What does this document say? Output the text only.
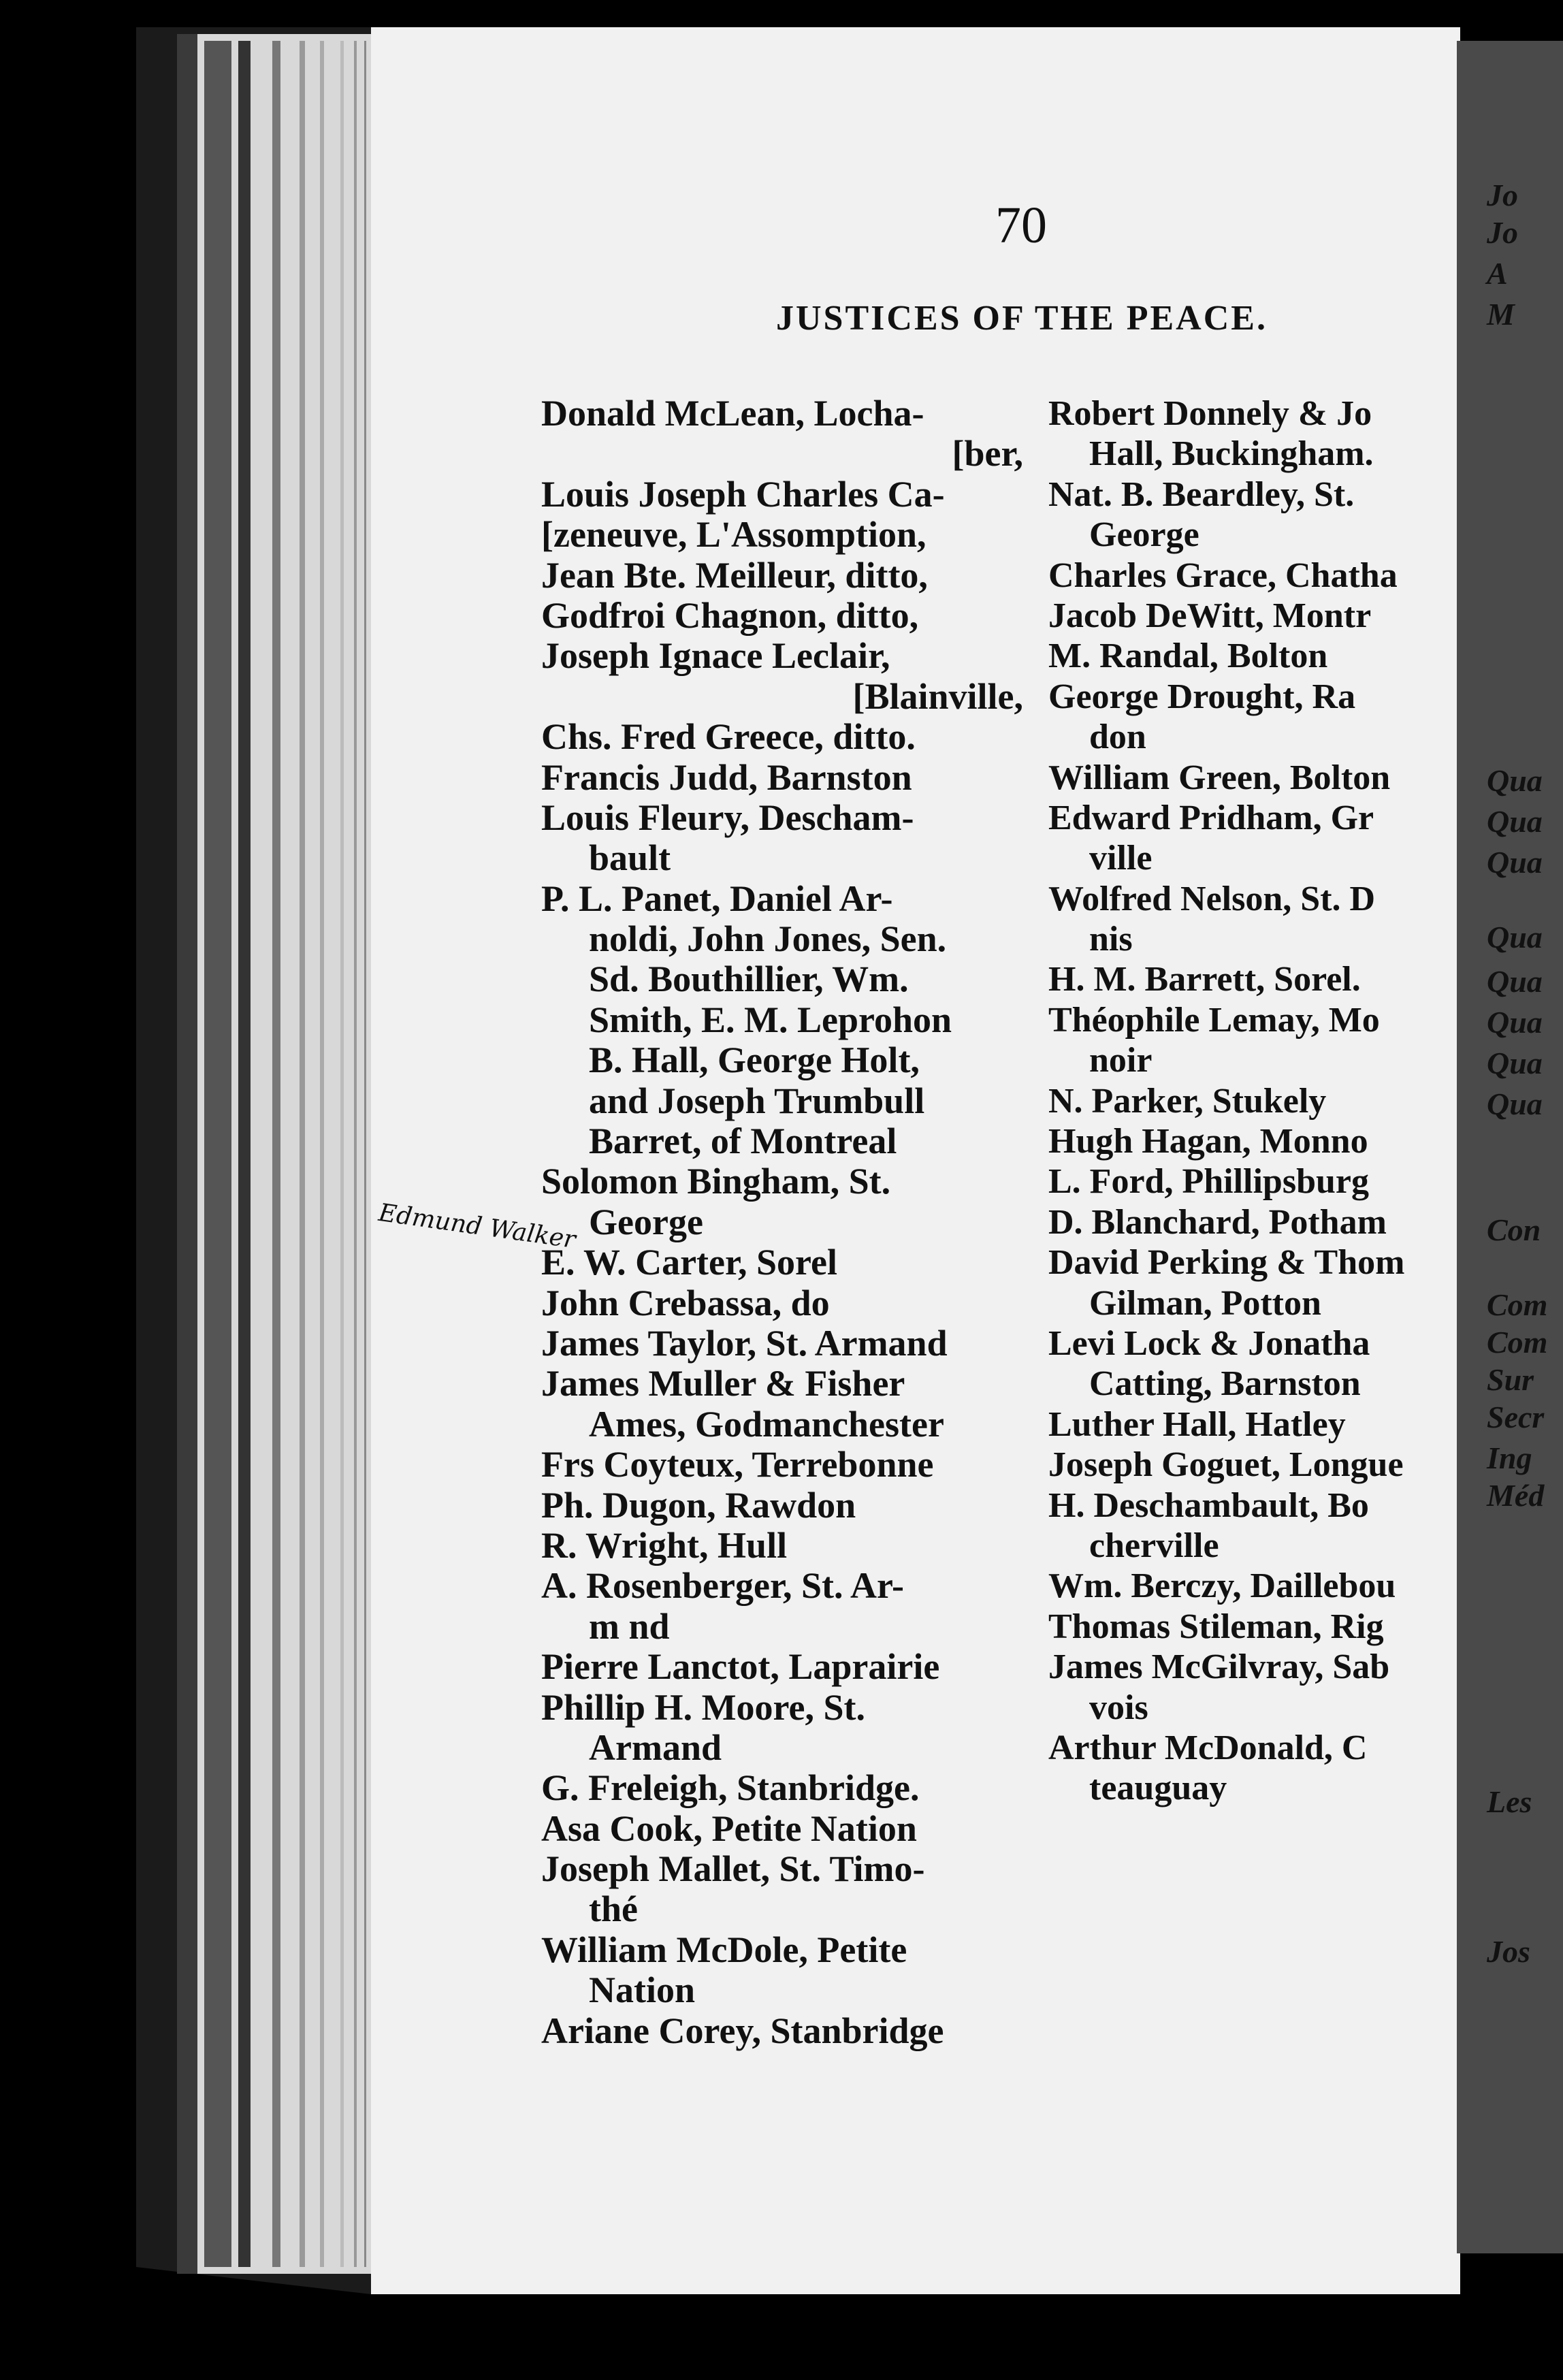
Jo
Jo
A
M
Qua
Qua
Qua
Qua
Qua
Qua
Qua
Qua
Con
Com
Com
Sur
Secr
Ing
Méd
Les
Jos
70
JUSTICES OF THE PEACE.
Edmund Walker
Donald McLean, Locha-
[ber,
Louis Joseph Charles Ca-
[zeneuve, L'Assomption,
Jean Bte. Meilleur, ditto,
Godfroi Chagnon, ditto,
Joseph Ignace Leclair,
[Blainville,
Chs. Fred Greece, ditto.
Francis Judd, Barnston
Louis Fleury, Descham-
bault
P. L. Panet, Daniel Ar-
noldi, John Jones, Sen.
Sd. Bouthillier, Wm.
Smith, E. M. Leprohon
B. Hall, George Holt,
and Joseph Trumbull
Barret, of Montreal
Solomon Bingham, St.
George
E. W. Carter, Sorel
John Crebassa, do
James Taylor, St. Armand
James Muller & Fisher
Ames, Godmanchester
Frs Coyteux, Terrebonne
Ph. Dugon, Rawdon
R. Wright, Hull
A. Rosenberger, St. Ar-
m nd
Pierre Lanctot, Laprairie
Phillip H. Moore, St.
Armand
G. Freleigh, Stanbridge.
Asa Cook, Petite Nation
Joseph Mallet, St. Timo-
thé
William McDole, Petite
Nation
Ariane Corey, Stanbridge
Robert Donnely & Jo
Hall, Buckingham.
Nat. B. Beardley, St.
George
Charles Grace, Chatha
Jacob DeWitt, Montr
M. Randal, Bolton
George Drought, Ra
don
William Green, Bolton
Edward Pridham, Gr
ville
Wolfred Nelson, St. D
nis
H. M. Barrett, Sorel.
Théophile Lemay, Mo
noir
N. Parker, Stukely
Hugh Hagan, Monno
L. Ford, Phillipsburg
D. Blanchard, Potham
David Perking & Thom
Gilman, Potton
Levi Lock & Jonatha
Catting, Barnston
Luther Hall, Hatley
Joseph Goguet, Longue
H. Deschambault, Bo
cherville
Wm. Berczy, Daillebou
Thomas Stileman, Rig
James McGilvray, Sab
vois
Arthur McDonald, C
teauguay
